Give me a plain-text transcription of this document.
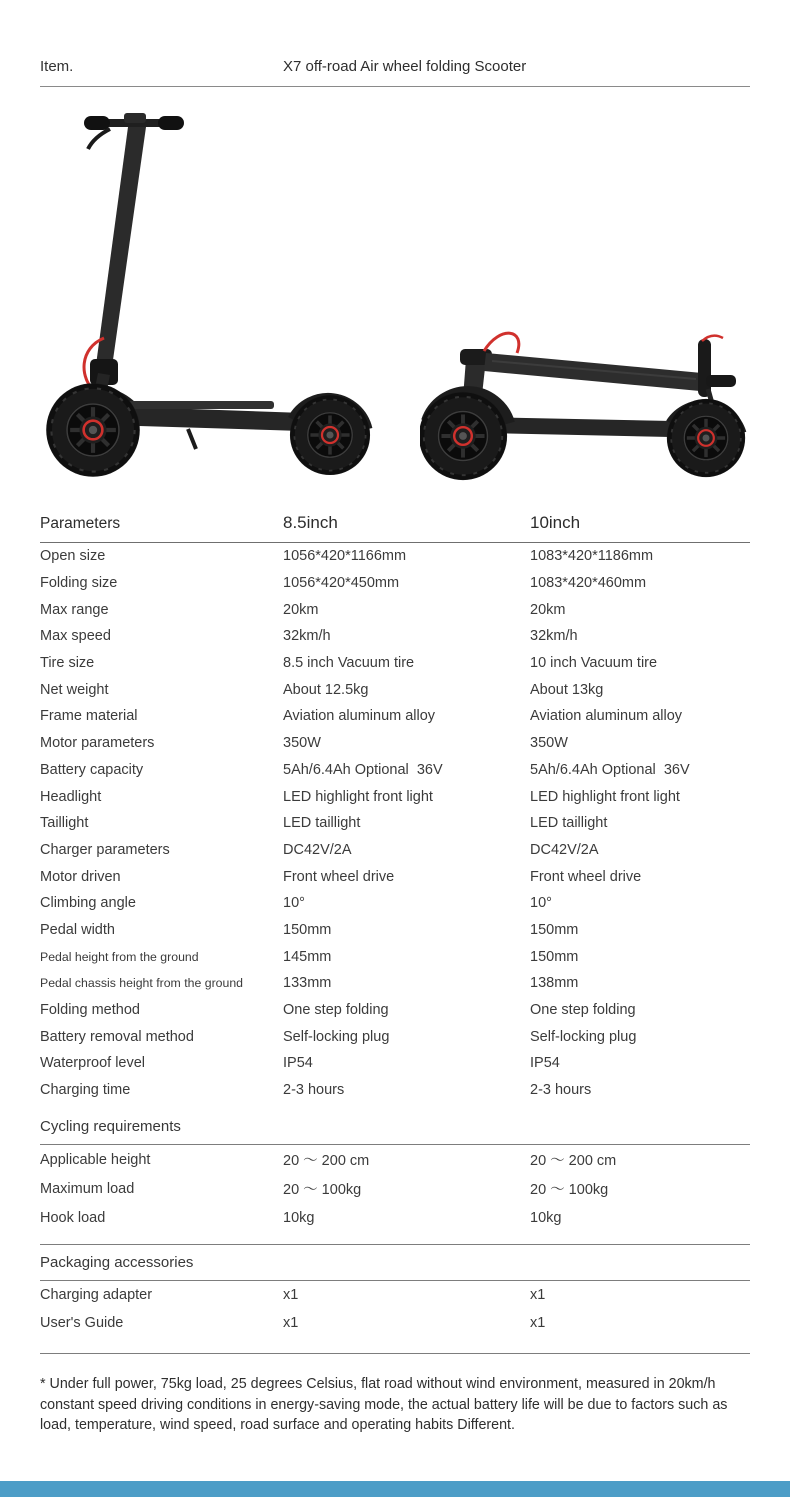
Item.	X7 off-road Air wheel folding Scooter
Parameters	8.5inch	10inch
Open size	1056*420*1166mm	1083*420*1186mm
Folding size	1056*420*450mm	1083*420*460mm
Max range	20km	20km
Max speed	32km/h	32km/h
Tire size	8.5 inch Vacuum tire	10 inch Vacuum tire
Net weight	About 12.5kg	About 13kg
Frame material	Aviation aluminum alloy	Aviation aluminum alloy
Motor parameters	350W	350W
Battery capacity	5Ah/6.4Ah Optional  36V	5Ah/6.4Ah Optional  36V
Headlight	LED highlight front light	LED highlight front light
Taillight	LED taillight	LED taillight
Charger parameters	DC42V/2A	DC42V/2A
Motor driven	Front wheel drive	Front wheel drive
Climbing angle	10°	10°
Pedal width	150mm	150mm
Pedal height from the ground	145mm	150mm
Pedal chassis height from the ground	133mm	138mm
Folding method	One step folding	One step folding
Battery removal method	Self-locking plug	Self-locking plug
Waterproof level	IP54	IP54
Charging time	2-3 hours	2-3 hours
Cycling requirements
Applicable height	20 ～ 200 cm	20 ～ 200 cm
Maximum load	20 ～ 100kg	20 ～ 100kg
Hook load	10kg	10kg
Packaging accessories
Charging adapter	x1	x1
User's Guide	x1	x1

* Under full power, 75kg load, 25 degrees Celsius, flat road without wind environment, measured in 20km/h constant speed driving conditions in energy-saving mode, the actual battery life will be due to factors such as load, temperature, wind speed, road surface and operating habits Different.
